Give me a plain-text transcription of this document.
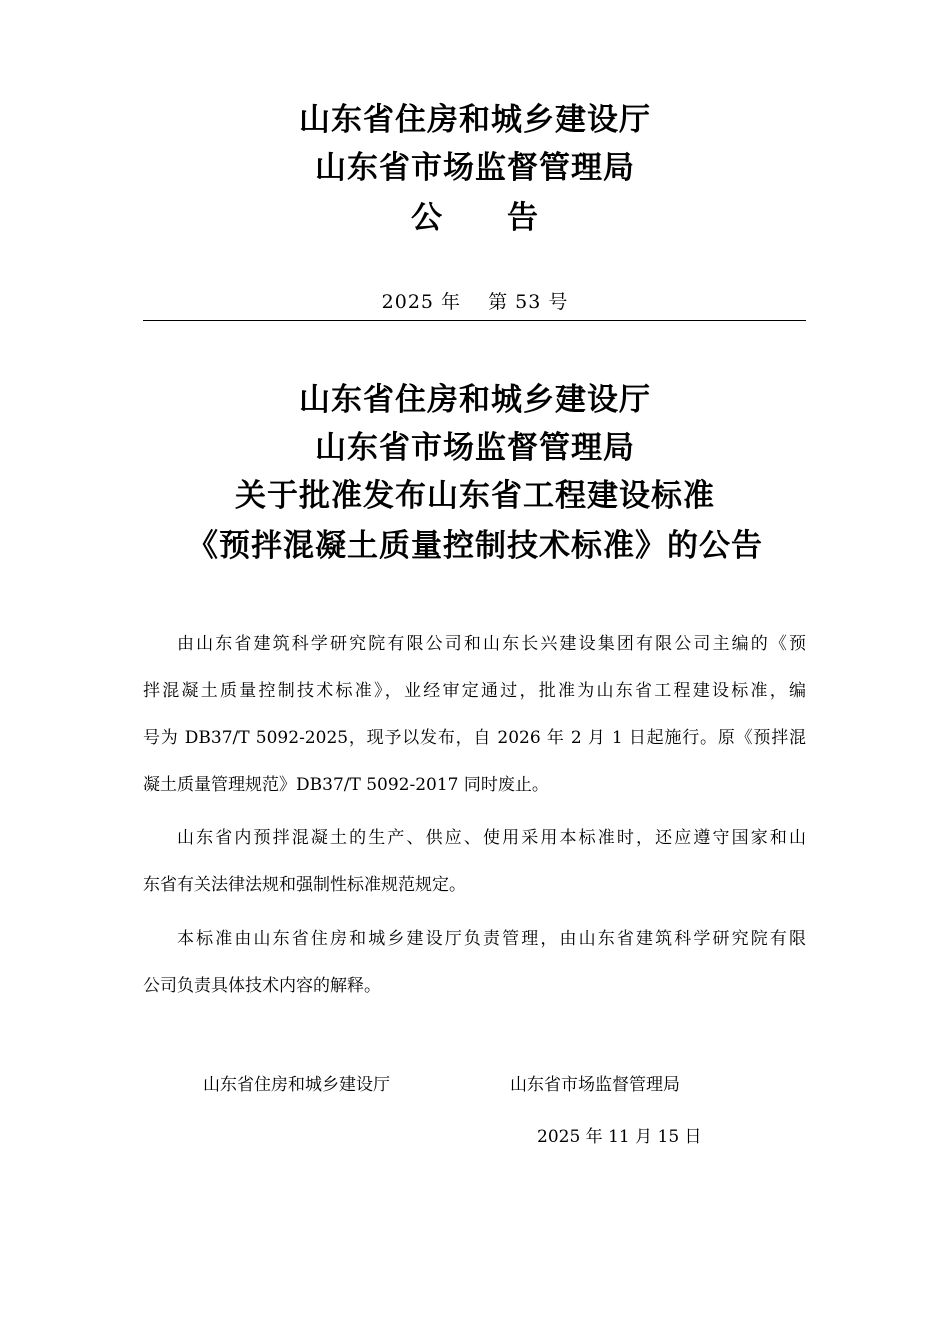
山东省住房和城乡建设厅
山东省市场监督管理局
公　　告
2025 年　 第 53 号
山东省住房和城乡建设厅
山东省市场监督管理局
关于批准发布山东省工程建设标准
《预拌混凝土质量控制技术标准》的公告
由山东省建筑科学研究院有限公司和山东长兴建设集团有限公司主编的《预
拌混凝土质量控制技术标准》，业经审定通过，批准为山东省工程建设标准，编
号为 DB37/T 5092-2025，现予以发布，自 2026 年 2 月 1 日起施行。原《预拌混
凝土质量管理规范》DB37/T 5092-2017 同时废止。
山东省内预拌混凝土的生产、供应、使用采用本标准时，还应遵守国家和山
东省有关法律法规和强制性标准规范规定。
本标准由山东省住房和城乡建设厅负责管理，由山东省建筑科学研究院有限
公司负责具体技术内容的解释。
山东省住房和城乡建设厅	山东省市场监督管理局
2025 年 11 月 15 日
